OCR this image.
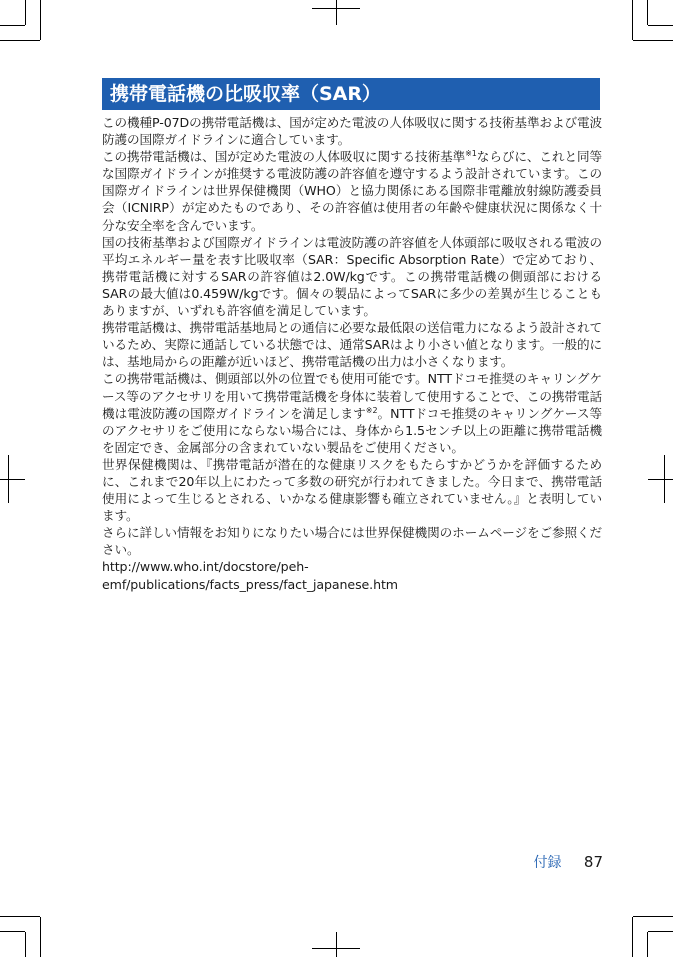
携帯電話機の比吸収率（SAR）

この機種P-07Dの携帯電話機は、国が定めた電波の人体吸収に関する技術基準および電波防護の国際ガイドラインに適合しています。

この携帯電話機は、国が定めた電波の人体吸収に関する技術基準$^{※1}$ならびに、これと同等な国際ガイドラインが推奨する電波防護の許容値を遵守するよう設計されています。この国際ガイドラインは世界保健機関（WHO）と協力関係にある国際非電離放射線防護委員会（ICNIRP）が定めたものであり、その許容値は使用者の年齢や健康状況に関係なく十分な安全率を含んでいます。

国の技術基準および国際ガイドラインは電波防護の許容値を人体頭部に吸収される電波の平均エネルギー量を表す比吸収率（SAR：Specific Absorption Rate）で定めており、携帯電話機に対するSARの許容値は2.0W/kgです。この携帯電話機の側頭部におけるSARの最大値は0.459W/kgです。個々の製品によってSARに多少の差異が生じることもありますが、いずれも許容値を満足しています。

携帯電話機は、携帯電話基地局との通信に必要な最低限の送信電力になるよう設計されているため、実際に通話している状態では、通常SARはより小さい値となります。一般的には、基地局からの距離が近いほど、携帯電話機の出力は小さくなります。

この携帯電話機は、側頭部以外の位置でも使用可能です。NTTドコモ推奨のキャリングケース等のアクセサリを用いて携帯電話機を身体に装着して使用することで、この携帯電話機は電波防護の国際ガイドラインを満足します$^{※2}$。NTTドコモ推奨のキャリングケース等のアクセサリをご使用にならない場合には、身体から1.5センチ以上の距離に携帯電話機を固定でき、金属部分の含まれていない製品をご使用ください。

世界保健機関は、『携帯電話が潜在的な健康リスクをもたらすかどうかを評価するために、これまで20年以上にわたって多数の研究が行われてきました。今日まで、携帯電話使用によって生じるとされる、いかなる健康影響も確立されていません。』と表明しています。

さらに詳しい情報をお知りになりたい場合には世界保健機関のホームページをご参照ください。

http://www.who.int/docstore/peh-emf/publications/facts_press/fact_japanese.htm

付録 87
